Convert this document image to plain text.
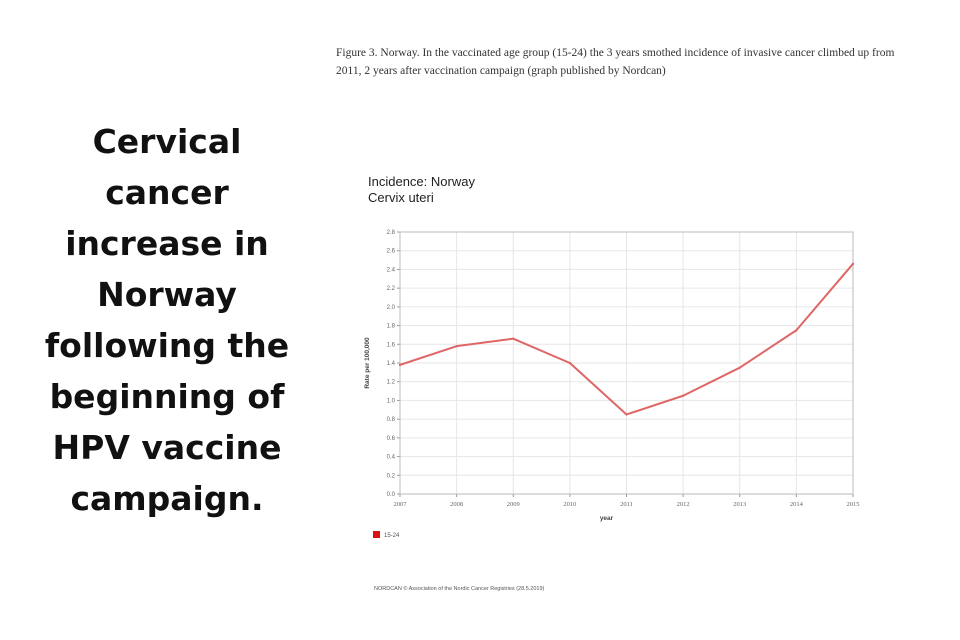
Cervical
cancer
increase in
Norway
following the
beginning of
HPV vaccine
campaign.
Figure 3. Norway. In the vaccinated age group (15-24) the 3 years smothed incidence of invasive cancer climbed up from 2011, 2 years after vaccination campaign (graph published by Nordcan)
Incidence: Norway
Cervix uteri
0.0
0.2
0.4
0.6
0.8
1.0
1.2
1.4
1.6
1.8
2.0
2.2
2.4
2.6
2.8
2007	2008	2009	2010	2011	2012	2013	2014	2015
year
Rate per 100,000
15-24
NORDCAN © Association of the Nordic Cancer Registries (28.5.2019)
